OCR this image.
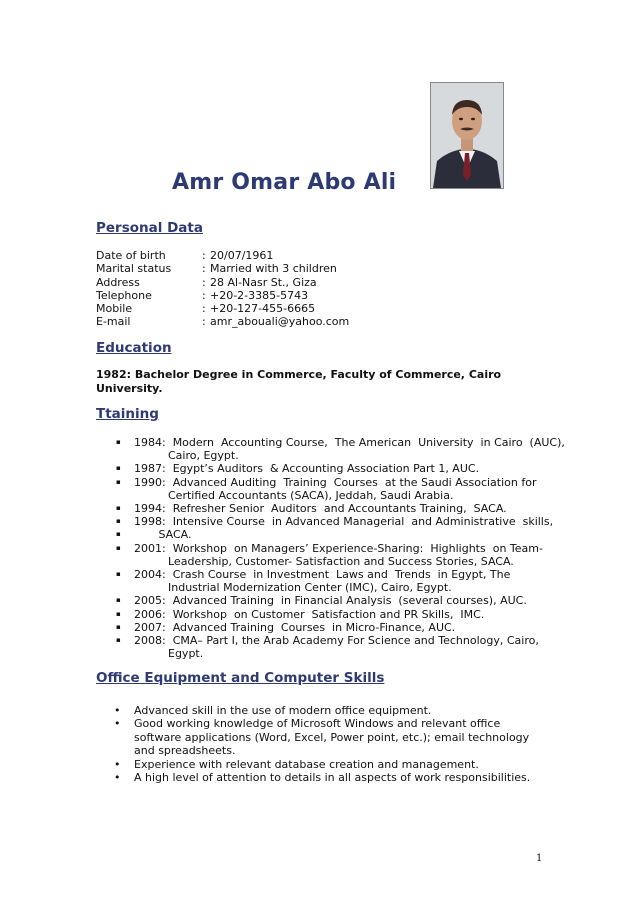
Amr Omar Abo Ali
Personal Data
Date of birth	: 20/07/1961
Marital status	: Married with 3 children
Address	: 28 Al-Nasr St., Giza
Telephone	: +20-2-3385-5743
Mobile	: +20-127-455-6665
E-mail	: amr_abouali@yahoo.com
Education
1982: Bachelor Degree in Commerce, Faculty of Commerce, Cairo
University.
Ttaining
▪	1984:  Modern  Accounting Course,  The American  University  in Cairo  (AUC),
Cairo, Egypt.
▪	1987:  Egypt’s Auditors  & Accounting Association Part 1, AUC.
▪	1990:  Advanced Auditing  Training  Courses  at the Saudi Association for
Certified Accountants (SACA), Jeddah, Saudi Arabia.
▪	1994:  Refresher Senior  Auditors  and Accountants Training,  SACA.
▪	1998:  Intensive Course  in Advanced Managerial  and Administrative  skills,
▪	SACA.
▪	2001:  Workshop  on Managers’ Experience-Sharing:  Highlights  on Team-
Leadership, Customer- Satisfaction and Success Stories, SACA.
▪	2004:  Crash Course  in Investment  Laws and  Trends  in Egypt, The
Industrial Modernization Center (IMC), Cairo, Egypt.
▪	2005:  Advanced Training  in Financial Analysis  (several courses), AUC.
▪	2006:  Workshop  on Customer  Satisfaction and PR Skills,  IMC.
▪	2007:  Advanced Training  Courses  in Micro-Finance, AUC.
▪	2008:  CMA– Part I, the Arab Academy For Science and Technology, Cairo,
Egypt.
Office Equipment and Computer Skills
•	Advanced skill in the use of modern office equipment.
•	Good working knowledge of Microsoft Windows and relevant office
software applications (Word, Excel, Power point, etc.); email technology
and spreadsheets.
•	Experience with relevant database creation and management.
•	A high level of attention to details in all aspects of work responsibilities.
1
